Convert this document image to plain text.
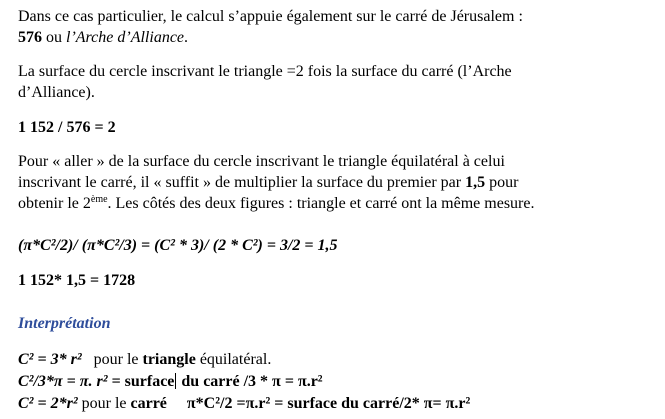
Dans ce cas particulier, le calcul s’appuie également sur le carré de Jérusalem :
576 ou l’Arche d’Alliance.
La surface du cercle inscrivant le triangle =2 fois la surface du carré (l’Arche
d’Alliance).
1 152 / 576 = 2
Pour « aller » de la surface du cercle inscrivant le triangle équilatéral à celui
inscrivant le carré, il « suffit » de multiplier la surface du premier par 1,5 pour
obtenir le 2ème. Les côtés des deux figures : triangle et carré ont la même mesure.
(π*C²/2)/ (π*C²/3) = (C² * 3)/ (2 * C²) = 3/2 = 1,5
1 152* 1,5 = 1728
Interprétation
C² = 3* r²   pour le triangle équilatéral.
C²/3*π = π. r² = surface du carré /3 * π = π.r²
C² = 2*r² pour le carré     π*C²/2 =π.r² = surface du carré/2* π= π.r²
